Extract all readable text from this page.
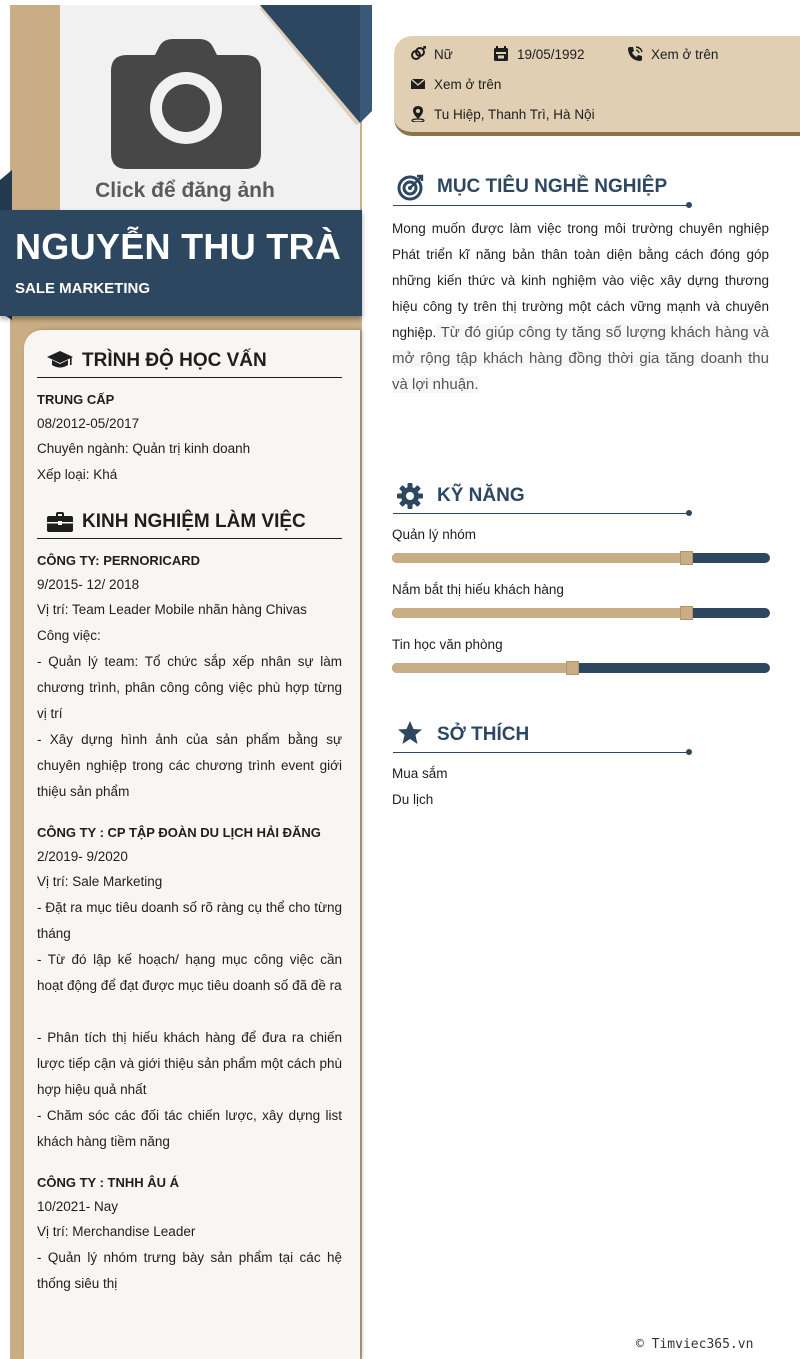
Click để đăng ảnh
NGUYỄN THU TRÀ
SALE MARKETING
TRÌNH ĐỘ HỌC VẤN
TRUNG CẤP
08/2012-05/2017
Chuyên ngành: Quản trị kinh doanh
Xếp loại: Khá
KINH NGHIỆM LÀM VIỆC
CÔNG TY: PERNORICARD
9/2015- 12/ 2018
Vị trí: Team Leader Mobile nhãn hàng Chivas
Công việc:
- Quản lý team: Tổ chức sắp xếp nhân sự làm chương trình, phân công công việc phù hợp từng vị trí
- Xây dựng hình ảnh của sản phẩm bằng sự chuyên nghiệp trong các chương trình event giới thiệu sản phẩm
CÔNG TY : CP TẬP ĐOÀN DU LỊCH HẢI ĐĂNG
2/2019- 9/2020
Vị trí: Sale Marketing
- Đặt ra mục tiêu doanh số rõ ràng cụ thể cho từng tháng
- Từ đó lập kế hoạch/ hạng mục công việc cần hoạt động để đạt được mục tiêu doanh số đã đề ra
- Phân tích thị hiếu khách hàng để đưa ra chiến lược tiếp cận và giới thiệu sản phẩm một cách phù hợp hiệu quả nhất
- Chăm sóc các đối tác chiến lược, xây dựng list khách hàng tiềm năng
CÔNG TY : TNHH ÂU Á
10/2021- Nay
Vị trí: Merchandise Leader
- Quản lý nhóm trưng bày sản phẩm tại các hệ thống siêu thị
Nữ	19/05/1992	Xem ở trên
Xem ở trên
Tu Hiệp, Thanh Trì, Hà Nội
MỤC TIÊU NGHỀ NGHIỆP
Mong muốn được làm việc trong môi trường chuyên nghiệp Phát triển kĩ năng bản thân toàn diện bằng cách đóng góp những kiến thức và kinh nghiệm vào việc xây dựng thương hiệu công ty trên thị trường một cách vững mạnh và chuyên nghiệp. Từ đó giúp công ty tăng số lượng khách hàng và mở rộng tập khách hàng đồng thời gia tăng doanh thu và lợi nhuận.
KỸ NĂNG
Quản lý nhóm
Nắm bắt thị hiếu khách hàng
Tin học văn phòng
SỞ THÍCH
Mua sắm
Du lịch
© Timviec365.vn
